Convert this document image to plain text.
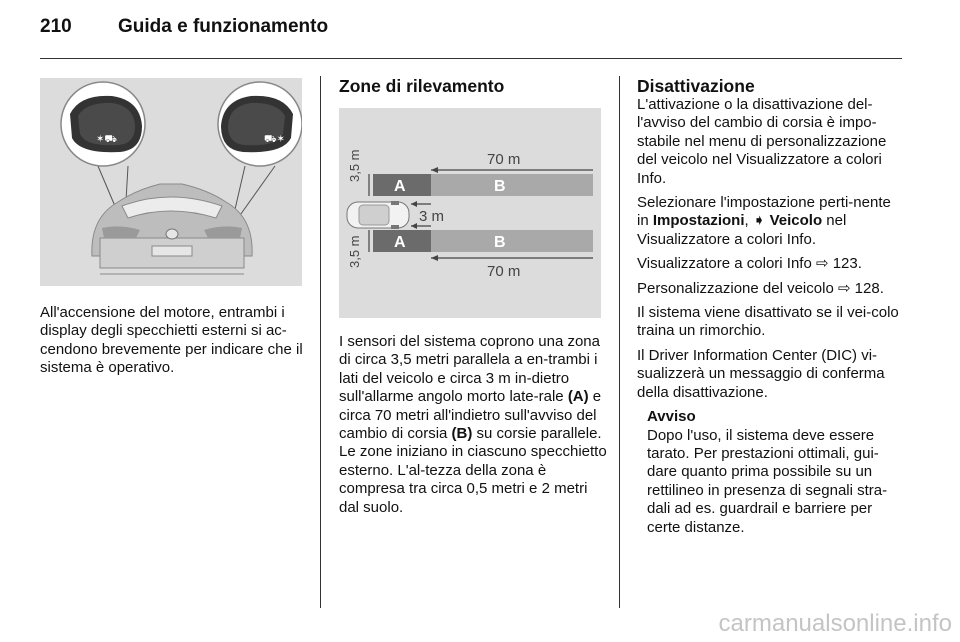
210 Guida e funzionamento
✶⛟	⛟✶

All'accensione del motore, entrambi i display degli specchietti esterni si ac-cendono brevemente per indicare che il sistema è operativo.

Zone di rilevamento
70 m
3,5 m
A	B
3 m
3,5 m A	B
70 m

I sensori del sistema coprono una zona di circa 3,5 metri parallela a en-trambi i lati del veicolo e circa 3 m in-dietro sull'allarme angolo morto late-rale (A) e circa 70 metri all'indietro sull'avviso del cambio di corsia (B) su corsie parallele. Le zone iniziano in ciascuno specchietto esterno. L'al-tezza della zona è compresa tra circa 0,5 metri e 2 metri dal suolo.

Disattivazione

L'attivazione o la disattivazione del-l'avviso del cambio di corsia è impo-stabile nel menu di personalizzazione del veicolo nel Visualizzatore a colori Info.

Selezionare l'impostazione perti-nente in Impostazioni, ➧ Veicolo nel Visualizzatore a colori Info.

Visualizzatore a colori Info ⇨ 123.

Personalizzazione del veicolo ⇨ 128.

Il sistema viene disattivato se il vei-colo traina un rimorchio.

Il Driver Information Center (DIC) vi-sualizzerà un messaggio di conferma della disattivazione.

Avviso
Dopo l'uso, il sistema deve essere tarato. Per prestazioni ottimali, gui-dare quanto prima possibile su un rettilineo in presenza di segnali stra-dali ad es. guardrail e barriere per certe distanze.
carmanualsonline.info
